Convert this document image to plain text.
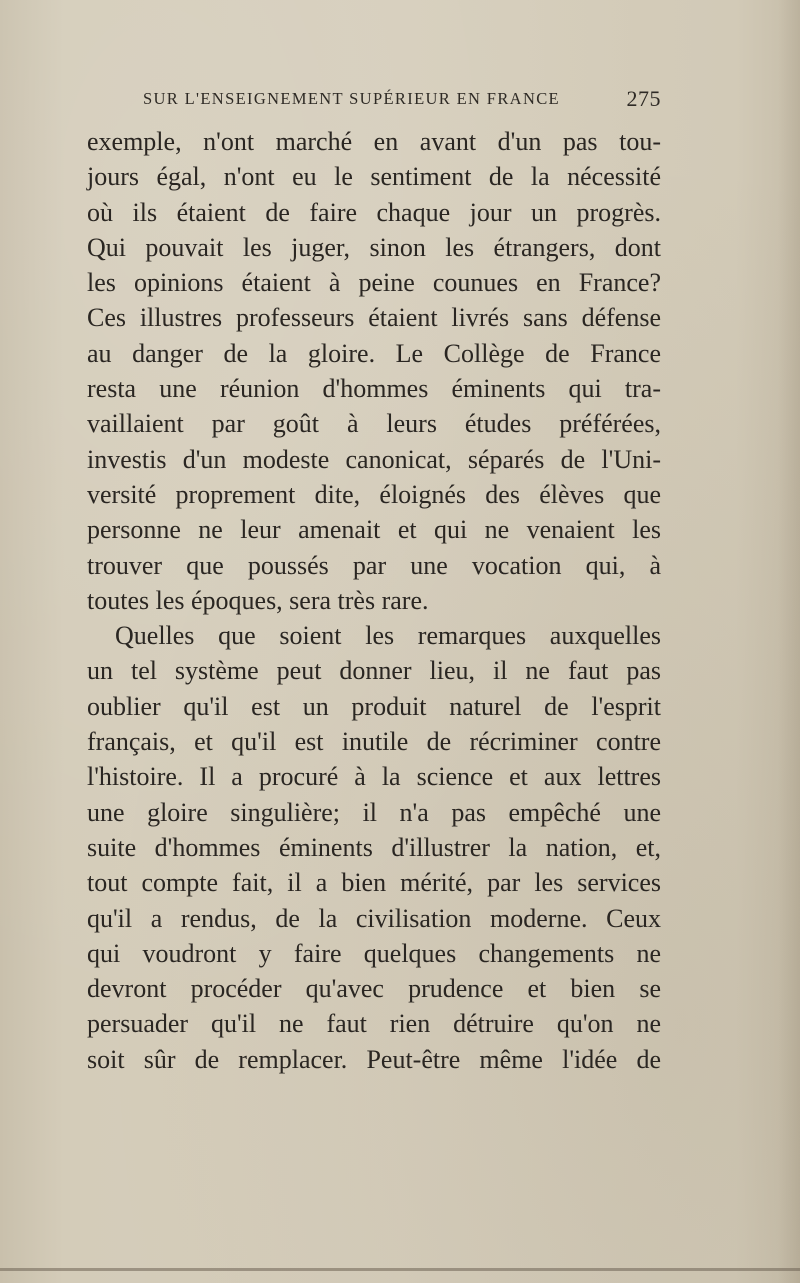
SUR L'ENSEIGNEMENT SUPÉRIEUR EN FRANCE	275
exemple, n'ont marché en avant d'un pas tou-
jours égal, n'ont eu le sentiment de la nécessité
où ils étaient de faire chaque jour un progrès.
Qui pouvait les juger, sinon les étrangers, dont
les opinions étaient à peine counues en France?
Ces illustres professeurs étaient livrés sans défense
au danger de la gloire. Le Collège de France
resta une réunion d'hommes éminents qui tra-
vaillaient par goût à leurs études préférées,
investis d'un modeste canonicat, séparés de l'Uni-
versité proprement dite, éloignés des élèves que
personne ne leur amenait et qui ne venaient les
trouver que poussés par une vocation qui, à
toutes les époques, sera très rare.
Quelles que soient les remarques auxquelles
un tel système peut donner lieu, il ne faut pas
oublier qu'il est un produit naturel de l'esprit
français, et qu'il est inutile de récriminer contre
l'histoire. Il a procuré à la science et aux lettres
une gloire singulière; il n'a pas empêché une
suite d'hommes éminents d'illustrer la nation, et,
tout compte fait, il a bien mérité, par les services
qu'il a rendus, de la civilisation moderne. Ceux
qui voudront y faire quelques changements ne
devront procéder qu'avec prudence et bien se
persuader qu'il ne faut rien détruire qu'on ne
soit sûr de remplacer. Peut-être même l'idée de
